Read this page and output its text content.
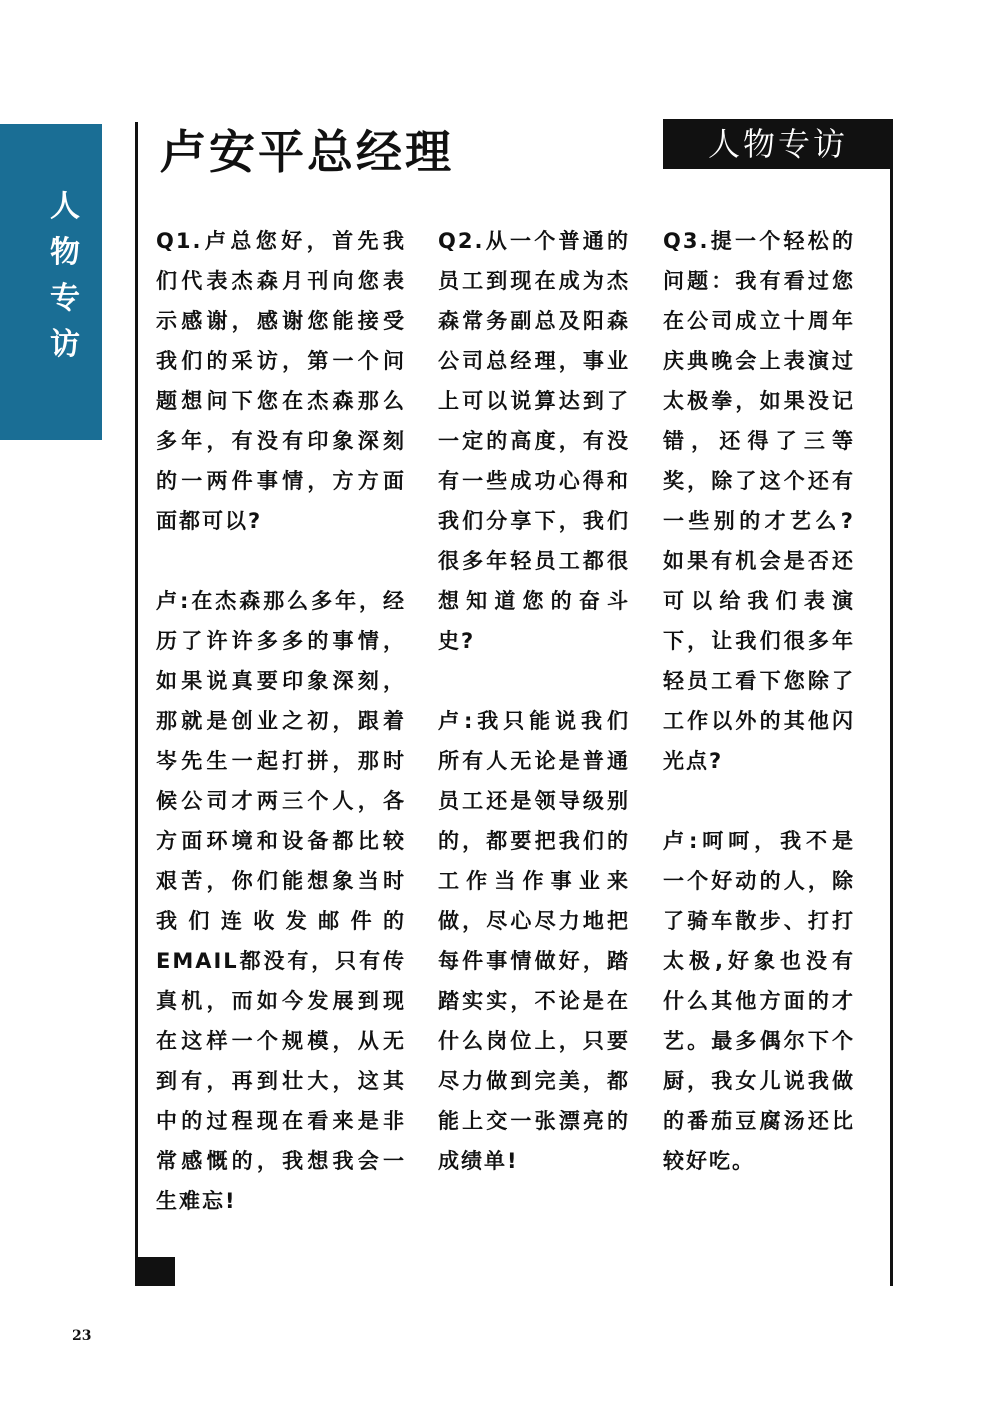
人物专访
卢安平总经理	人物专访

Q1.卢总您好，首先我们代表杰森月刊向您表示感谢，感谢您能接受我们的采访，第一个问题想问下您在杰森那么多年，有没有印象深刻的一两件事情，方方面面都可以?

卢:在杰森那么多年，经历了许许多多的事情，如果说真要印象深刻，那就是创业之初，跟着岑先生一起打拼，那时候公司才两三个人，各方面环境和设备都比较艰苦，你们能想象当时我们连收发邮件的EMAIL都没有，只有传真机，而如今发展到现在这样一个规模，从无到有，再到壮大，这其中的过程现在看来是非常感慨的，我想我会一生难忘!

Q2.从一个普通的员工到现在成为杰森常务副总及阳森公司总经理，事业上可以说算达到了一定的高度，有没有一些成功心得和我们分享下，我们很多年轻员工都很想知道您的奋斗史?

卢:我只能说我们所有人无论是普通员工还是领导级别的，都要把我们的工作当作事业来做，尽心尽力地把每件事情做好，踏踏实实，不论是在什么岗位上，只要尽力做到完美，都能上交一张漂亮的成绩单!

Q3.提一个轻松的问题：我有看过您在公司成立十周年庆典晚会上表演过太极拳，如果没记错，还得了三等奖，除了这个还有一些别的才艺么?如果有机会是否还可以给我们表演下，让我们很多年轻员工看下您除了工作以外的其他闪光点?

卢:呵呵，我不是一个好动的人，除了骑车散步、打打太极,好象也没有什么其他方面的才艺。最多偶尔下个厨，我女儿说我做的番茄豆腐汤还比较好吃。

23
